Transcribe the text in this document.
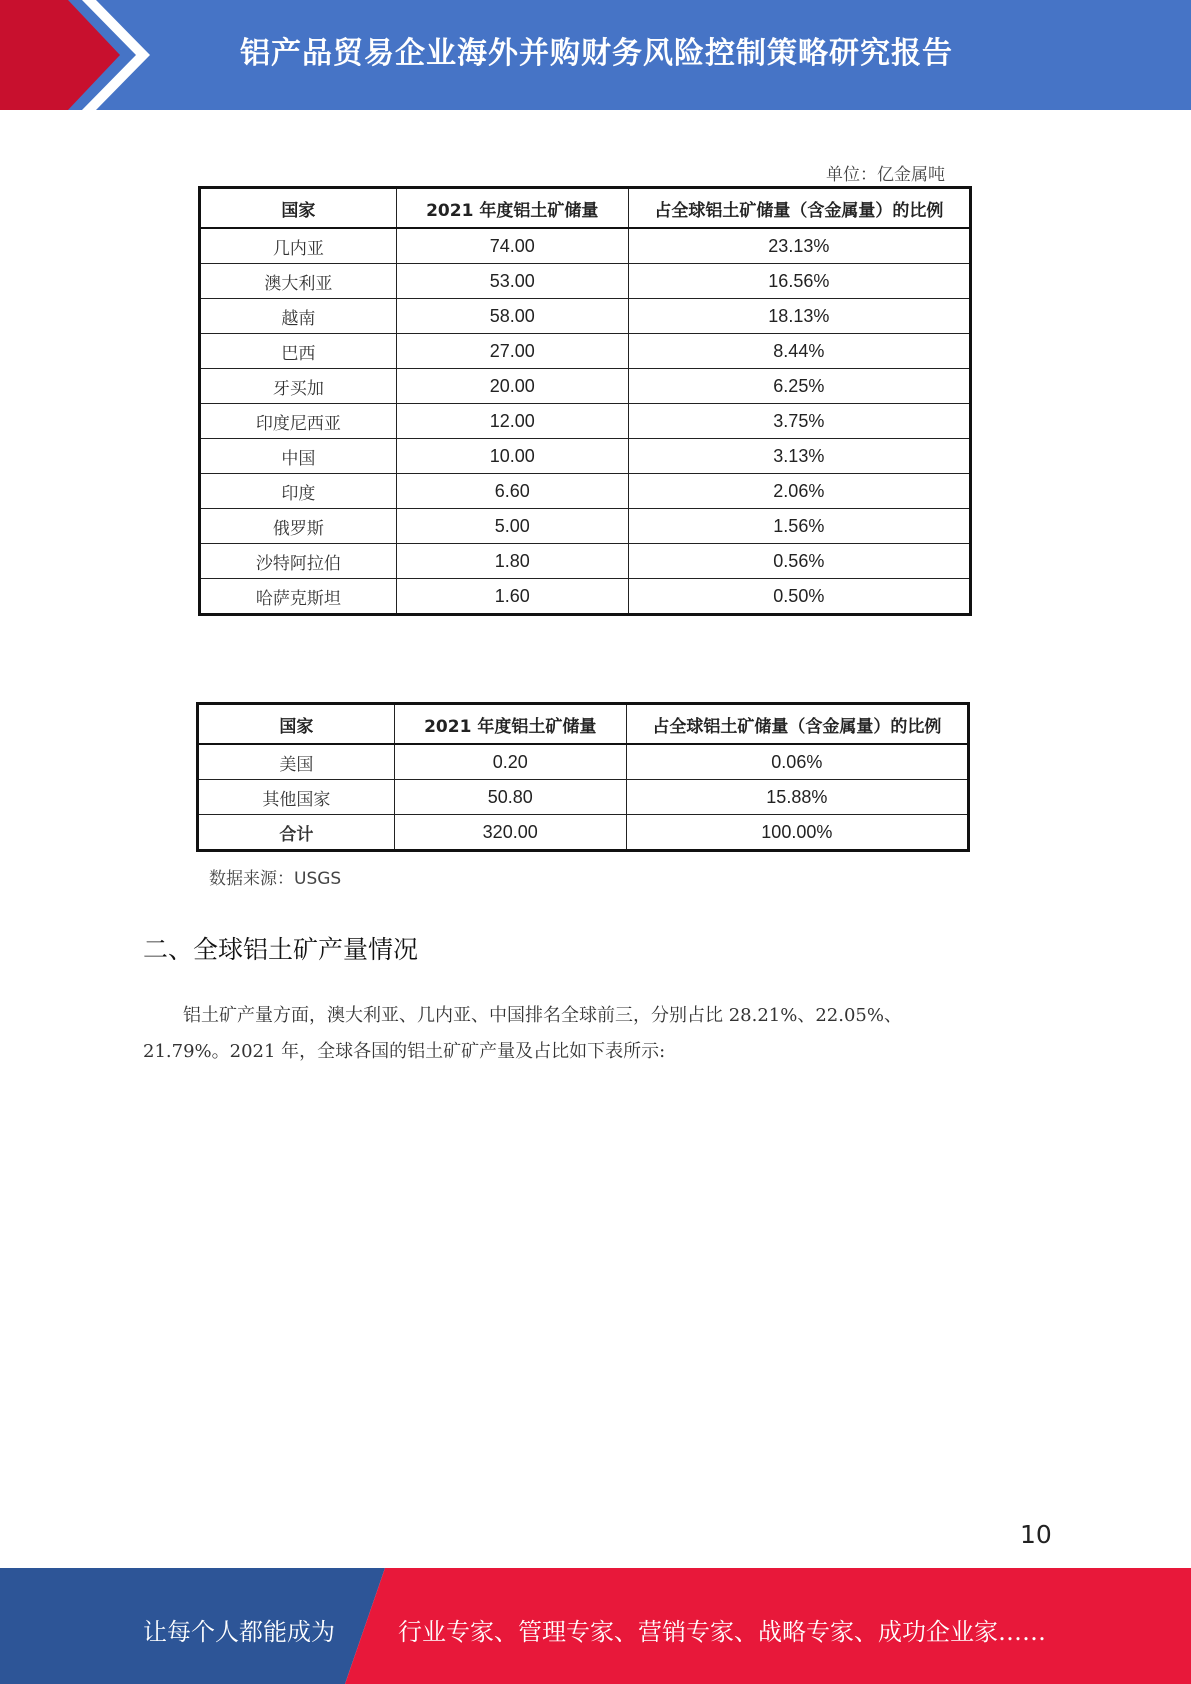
铝产品贸易企业海外并购财务风险控制策略研究报告
单位：亿金属吨
国家	2021 年度铝土矿储量	占全球铝土矿储量（含金属量）的比例
几内亚	74.00	23.13%
澳大利亚	53.00	16.56%
越南	58.00	18.13%
巴西	27.00	8.44%
牙买加	20.00	6.25%
印度尼西亚	12.00	3.75%
中国	10.00	3.13%
印度	6.60	2.06%
俄罗斯	5.00	1.56%
沙特阿拉伯	1.80	0.56%
哈萨克斯坦	1.60	0.50%
国家	2021 年度铝土矿储量	占全球铝土矿储量（含金属量）的比例
美国	0.20	0.06%
其他国家	50.80	15.88%
合计	320.00	100.00%
数据来源：USGS
二、全球铝土矿产量情况
铝土矿产量方面，澳大利亚、几内亚、中国排名全球前三，分别占比 28.21%、22.05%、
21.79%。2021 年，全球各国的铝土矿矿产量及占比如下表所示:
10
让每个人都能成为	行业专家、管理专家、营销专家、战略专家、成功企业家……
